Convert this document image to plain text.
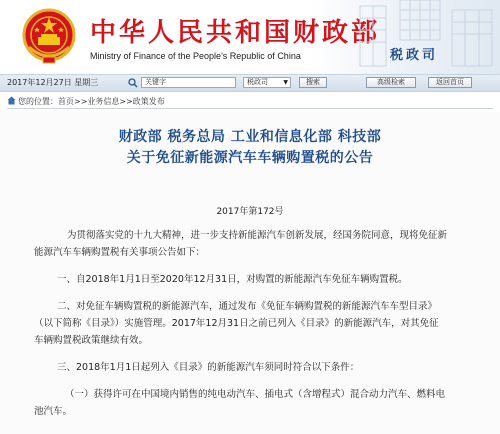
中华人民共和国财政部
Ministry of Finance of the People's Republic of China	税政司
2017年12月27日 星期三	关键字	税政司	▼	搜索	高级检索	返回首页
您的位置：首页>>业务信息>>政策发布
财政部 税务总局 工业和信息化部 科技部
关于免征新能源汽车车辆购置税的公告
2017年第172号
为贯彻落实党的十九大精神，进一步支持新能源汽车创新发展，经国务院同意，现将免征新
能源汽车车辆购置税有关事项公告如下：
一、自2018年1月1日至2020年12月31日，对购置的新能源汽车免征车辆购置税。
二、对免征车辆购置税的新能源汽车，通过发布《免征车辆购置税的新能源汽车车型目录》
（以下简称《目录》）实施管理。2017年12月31日之前已列入《目录》的新能源汽车，对其免征
车辆购置税政策继续有效。
三、2018年1月1日起列入《目录》的新能源汽车须同时符合以下条件：
（一）获得许可在中国境内销售的纯电动汽车、插电式（含增程式）混合动力汽车、燃料电
池汽车。
